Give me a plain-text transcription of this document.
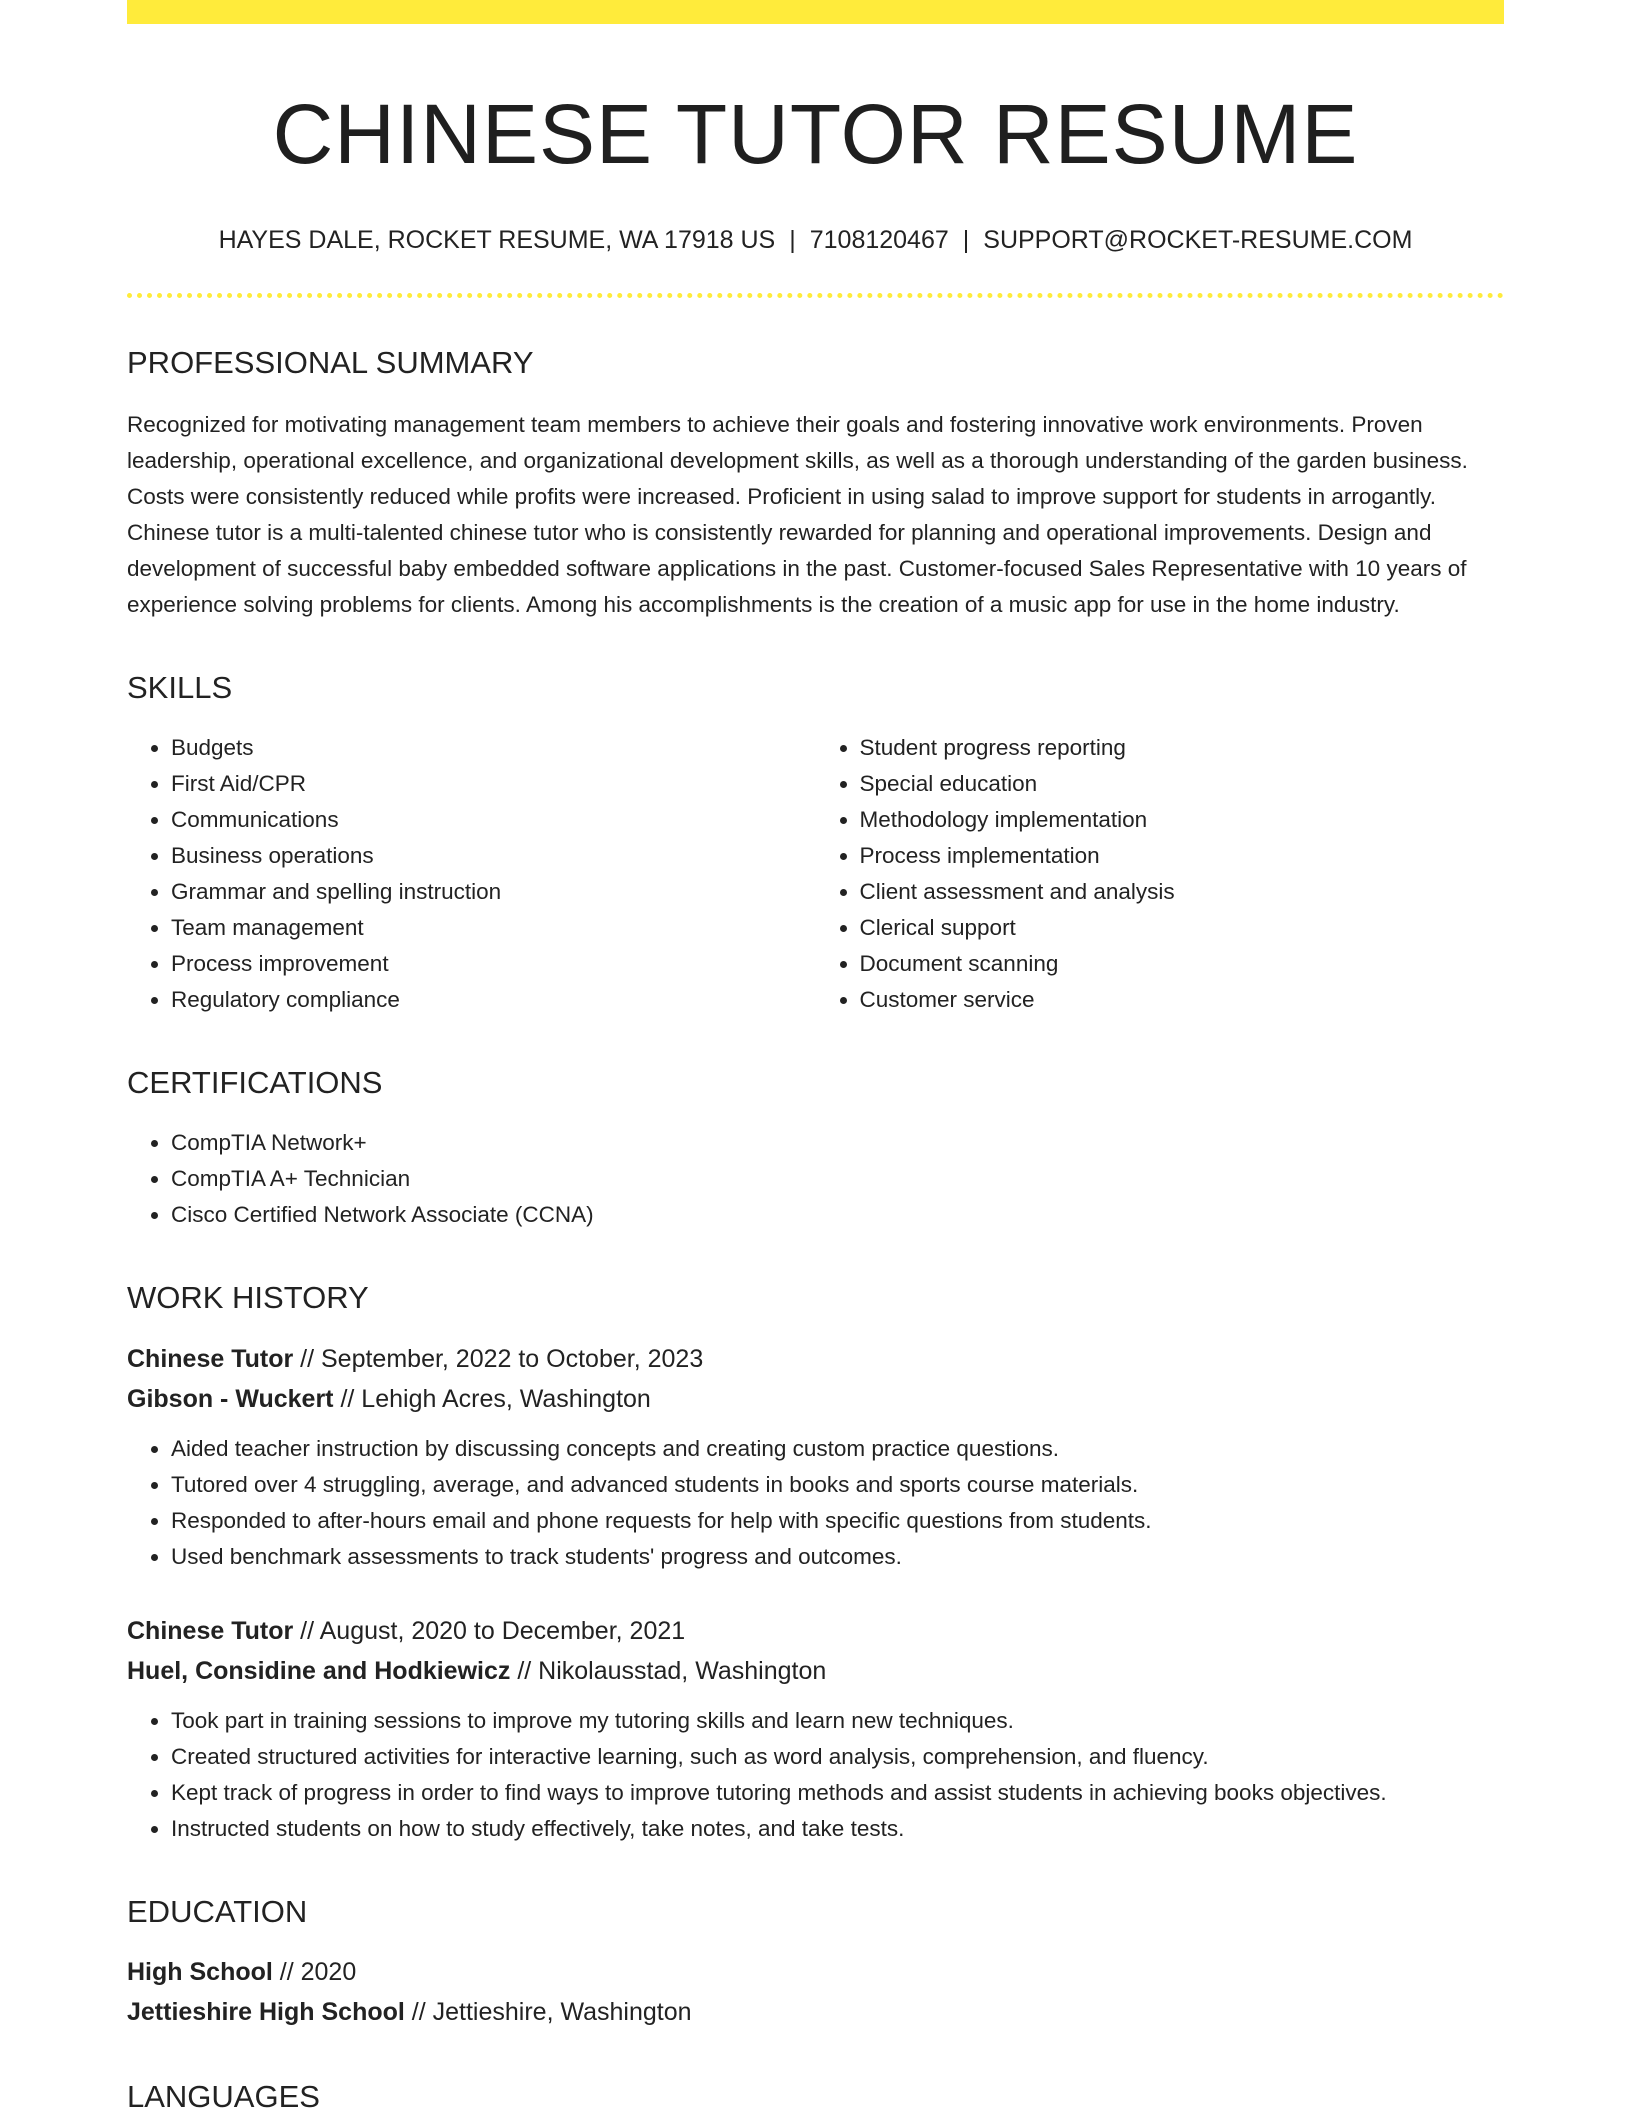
CHINESE TUTOR RESUME
HAYES DALE, ROCKET RESUME, WA 17918 US | 7108120467 | SUPPORT@ROCKET-RESUME.COM
PROFESSIONAL SUMMARY
Recognized for motivating management team members to achieve their goals and fostering innovative work environments. Proven leadership, operational excellence, and organizational development skills, as well as a thorough understanding of the garden business. Costs were consistently reduced while profits were increased. Proficient in using salad to improve support for students in arrogantly. Chinese tutor is a multi-talented chinese tutor who is consistently rewarded for planning and operational improvements. Design and development of successful baby embedded software applications in the past. Customer-focused Sales Representative with 10 years of experience solving problems for clients. Among his accomplishments is the creation of a music app for use in the home industry.
SKILLS
• Budgets
• First Aid/CPR
• Communications
• Business operations
• Grammar and spelling instruction
• Team management
• Process improvement
• Regulatory compliance
• Student progress reporting
• Special education
• Methodology implementation
• Process implementation
• Client assessment and analysis
• Clerical support
• Document scanning
• Customer service
CERTIFICATIONS
• CompTIA Network+
• CompTIA A+ Technician
• Cisco Certified Network Associate (CCNA)
WORK HISTORY
Chinese Tutor // September, 2022 to October, 2023
Gibson - Wuckert // Lehigh Acres, Washington
• Aided teacher instruction by discussing concepts and creating custom practice questions.
• Tutored over 4 struggling, average, and advanced students in books and sports course materials.
• Responded to after-hours email and phone requests for help with specific questions from students.
• Used benchmark assessments to track students' progress and outcomes.
Chinese Tutor // August, 2020 to December, 2021
Huel, Considine and Hodkiewicz // Nikolausstad, Washington
• Took part in training sessions to improve my tutoring skills and learn new techniques.
• Created structured activities for interactive learning, such as word analysis, comprehension, and fluency.
• Kept track of progress in order to find ways to improve tutoring methods and assist students in achieving books objectives.
• Instructed students on how to study effectively, take notes, and take tests.
EDUCATION
High School // 2020
Jettieshire High School // Jettieshire, Washington
LANGUAGES
